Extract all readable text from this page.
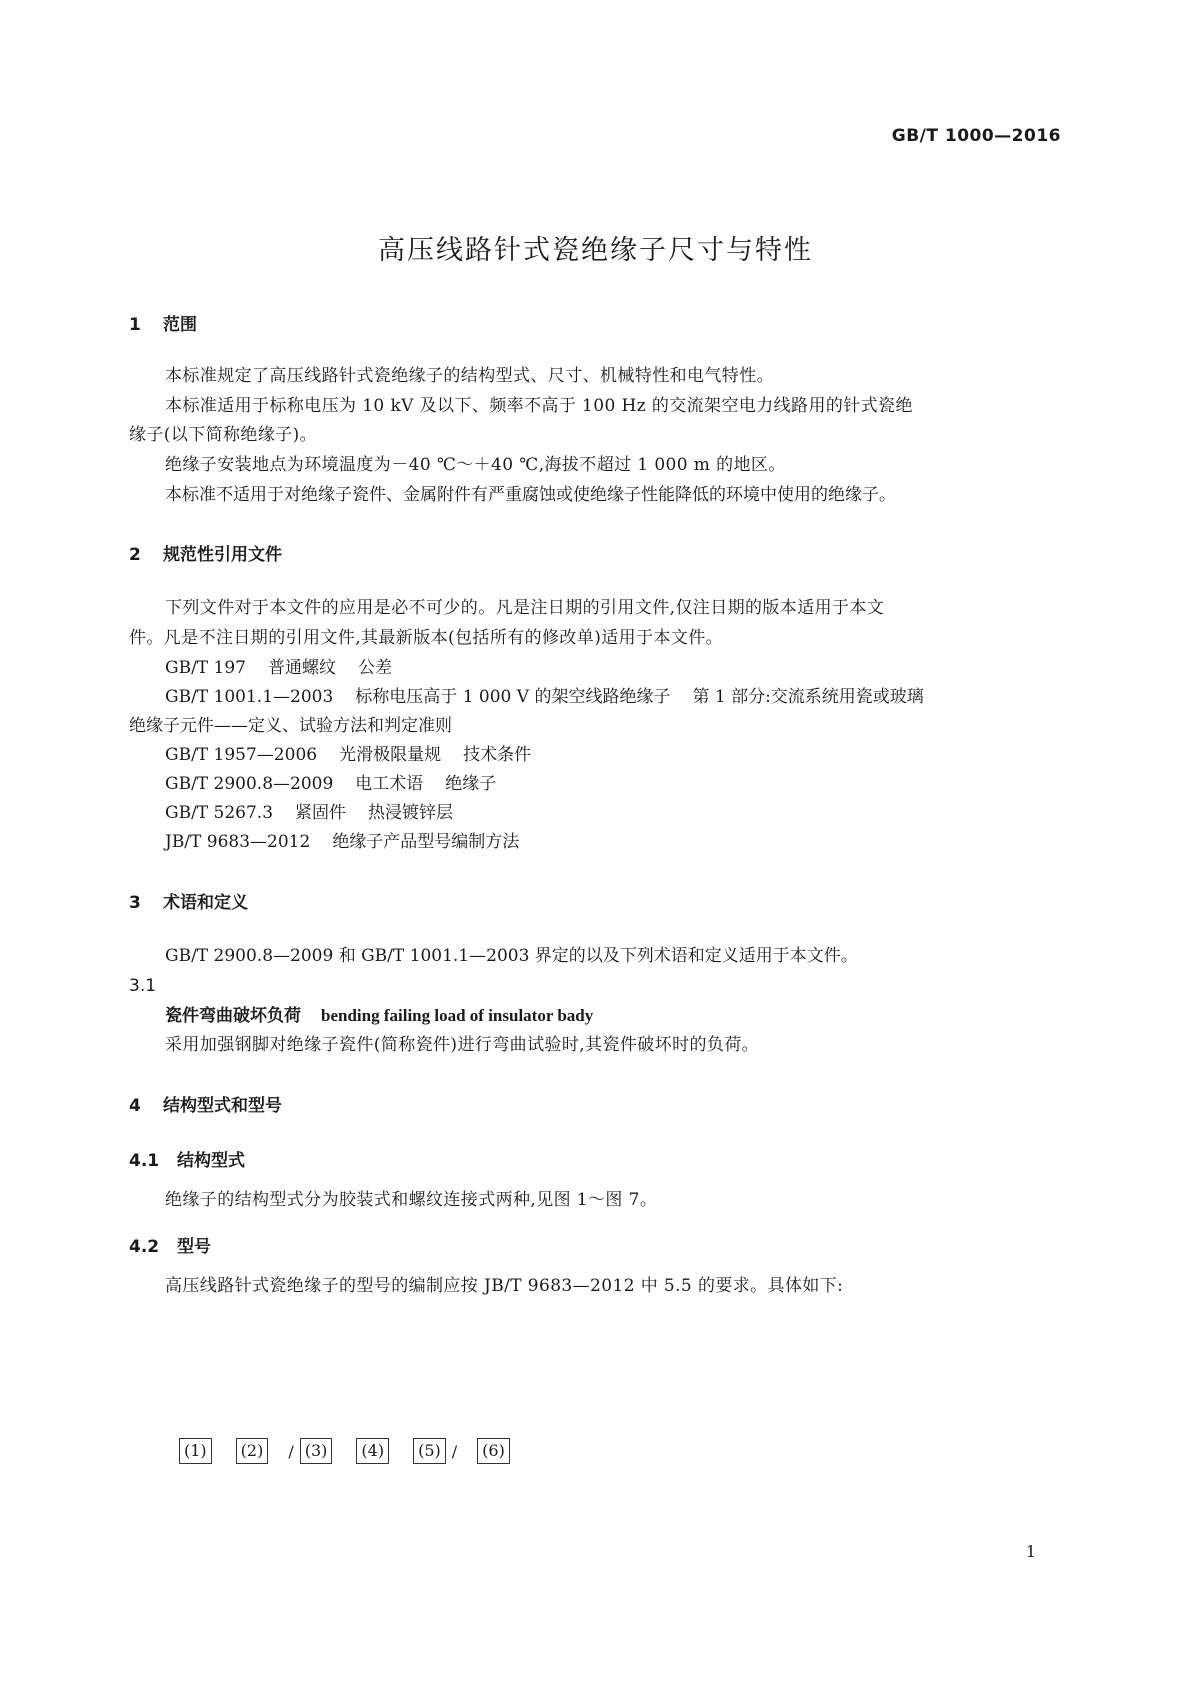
GB/T 1000—2016
高压线路针式瓷绝缘子尺寸与特性
1 范围
本标准规定了高压线路针式瓷绝缘子的结构型式、尺寸、机械特性和电气特性。
本标准适用于标称电压为 10 kV 及以下、频率不高于 100 Hz 的交流架空电力线路用的针式瓷绝
缘子(以下简称绝缘子)。
绝缘子安装地点为环境温度为－40 ℃～＋40 ℃,海拔不超过 1 000 m 的地区。
本标准不适用于对绝缘子瓷件、金属附件有严重腐蚀或使绝缘子性能降低的环境中使用的绝缘子。
2 规范性引用文件
下列文件对于本文件的应用是必不可少的。凡是注日期的引用文件,仅注日期的版本适用于本文
件。凡是不注日期的引用文件,其最新版本(包括所有的修改单)适用于本文件。
GB/T 197 普通螺纹 公差
GB/T 1001.1—2003 标称电压高于 1 000 V 的架空线路绝缘子 第 1 部分:交流系统用瓷或玻璃
绝缘子元件——定义、试验方法和判定准则
GB/T 1957—2006 光滑极限量规 技术条件
GB/T 2900.8—2009 电工术语 绝缘子
GB/T 5267.3 紧固件 热浸镀锌层
JB/T 9683—2012 绝缘子产品型号编制方法
3 术语和定义
GB/T 2900.8—2009 和 GB/T 1001.1—2003 界定的以及下列术语和定义适用于本文件。
3.1
瓷件弯曲破坏负荷 bending failing load of insulator bady
采用加强钢脚对绝缘子瓷件(简称瓷件)进行弯曲试验时,其瓷件破坏时的负荷。
4 结构型式和型号
4.1 结构型式
绝缘子的结构型式分为胶装式和螺纹连接式两种,见图 1～图 7。
4.2 型号
高压线路针式瓷绝缘子的型号的编制应按 JB/T 9683—2012 中 5.5 的要求。具体如下:
(1)	(2)	/ (3)	(4)	(5) /	(6)
1
